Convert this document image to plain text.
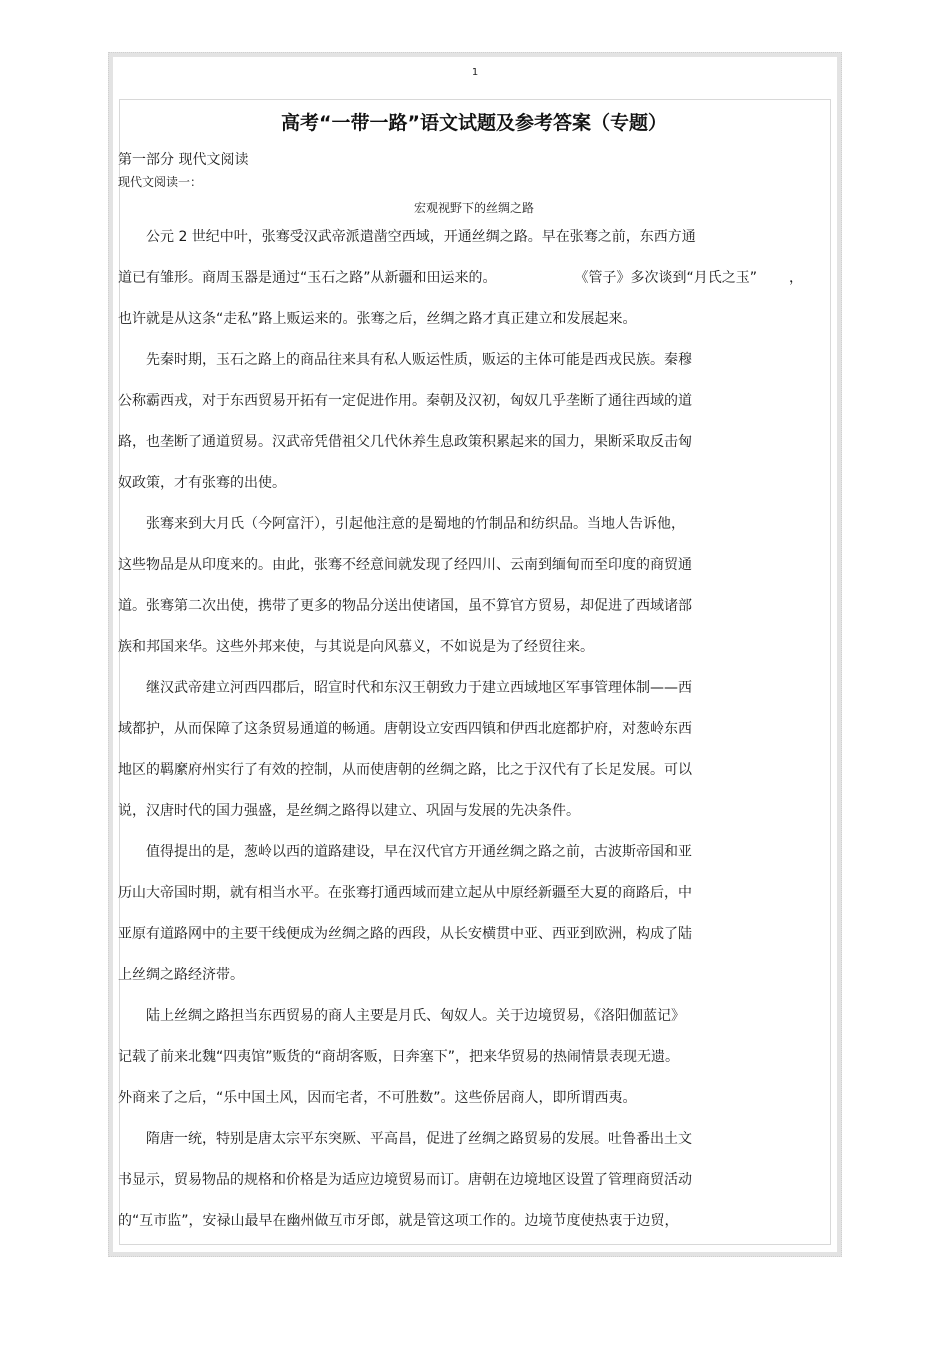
1
高考“一带一路”语文试题及参考答案（专题）
第一部分 现代文阅读
现代文阅读一：
宏观视野下的丝绸之路
公元 2 世纪中叶，张骞受汉武帝派遣凿空西域，开通丝绸之路。早在张骞之前，东西方通
道已有雏形。商周玉器是通过“玉石之路”从新疆和田运来的。	《管子》多次谈到“月氏之玉” ，
也许就是从这条“走私”路上贩运来的。张骞之后，丝绸之路才真正建立和发展起来。
先秦时期，玉石之路上的商品往来具有私人贩运性质，贩运的主体可能是西戎民族。秦穆
公称霸西戎，对于东西贸易开拓有一定促进作用。秦朝及汉初，匈奴几乎垄断了通往西域的道
路，也垄断了通道贸易。汉武帝凭借祖父几代休养生息政策积累起来的国力，果断采取反击匈
奴政策，才有张骞的出使。
张骞来到大月氏（今阿富汗），引起他注意的是蜀地的竹制品和纺织品。当地人告诉他，
这些物品是从印度来的。由此，张骞不经意间就发现了经四川、云南到缅甸而至印度的商贸通
道。张骞第二次出使，携带了更多的物品分送出使诸国，虽不算官方贸易，却促进了西域诸部
族和邦国来华。这些外邦来使，与其说是向风慕义，不如说是为了经贸往来。
继汉武帝建立河西四郡后，昭宣时代和东汉王朝致力于建立西域地区军事管理体制——西
域都护，从而保障了这条贸易通道的畅通。唐朝设立安西四镇和伊西北庭都护府，对葱岭东西
地区的羁縻府州实行了有效的控制，从而使唐朝的丝绸之路，比之于汉代有了长足发展。可以
说，汉唐时代的国力强盛，是丝绸之路得以建立、巩固与发展的先决条件。
值得提出的是，葱岭以西的道路建设，早在汉代官方开通丝绸之路之前，古波斯帝国和亚
历山大帝国时期，就有相当水平。在张骞打通西域而建立起从中原经新疆至大夏的商路后，中
亚原有道路网中的主要干线便成为丝绸之路的西段，从长安横贯中亚、西亚到欧洲，构成了陆
上丝绸之路经济带。
陆上丝绸之路担当东西贸易的商人主要是月氏、匈奴人。关于边境贸易，《洛阳伽蓝记》
记载了前来北魏“四夷馆”贩货的“商胡客贩，日奔塞下”，把来华贸易的热闹情景表现无遗。
外商来了之后，“乐中国土风，因而宅者，不可胜数”。这些侨居商人，即所谓西夷。
隋唐一统，特别是唐太宗平东突厥、平高昌，促进了丝绸之路贸易的发展。吐鲁番出土文
书显示，贸易物品的规格和价格是为适应边境贸易而订。唐朝在边境地区设置了管理商贸活动
的“互市监”，安禄山最早在幽州做互市牙郎，就是管这项工作的。边境节度使热衷于边贸，
